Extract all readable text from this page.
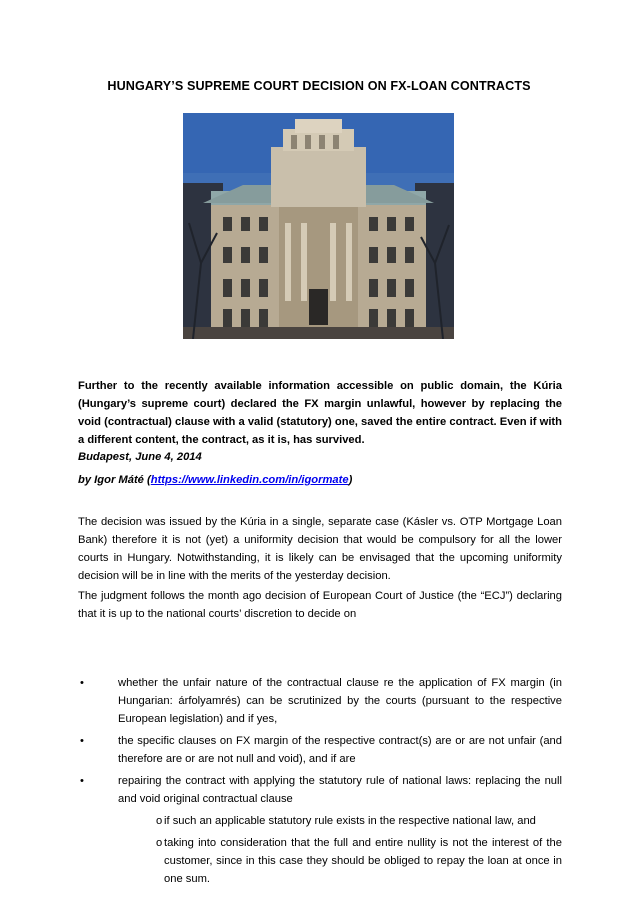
HUNGARY’S SUPREME COURT DECISION ON FX-LOAN CONTRACTS
Further to the recently available information accessible on public domain, the Kúria (Hungary’s supreme court) declared the FX margin unlawful, however by replacing the void (contractual) clause with a valid (statutory) one, saved the entire contract. Even if with a different content, the contract, as it is, has survived.
Budapest, June 4, 2014
by Igor Máté (https://www.linkedin.com/in/igormate)
The decision was issued by the Kúria in a single, separate case (Kásler vs. OTP Mortgage Loan Bank) therefore it is not (yet) a uniformity decision that would be compulsory for all the lower courts in Hungary. Notwithstanding, it is likely can be envisaged that the upcoming uniformity decision will be in line with the merits of the yesterday decision.
The judgment follows the month ago decision of European Court of Justice (the “ECJ”) declaring that it is up to the national courts’ discretion to decide on
•	whether the unfair nature of the contractual clause re the application of FX margin (in Hungarian: árfolyamrés) can be scrutinized by the courts (pursuant to the respective European legislation) and if yes,
•	the specific clauses on FX margin of the respective contract(s) are or are not unfair (and therefore are or are not null and void), and if are
•	repairing the contract with applying the statutory rule of national laws: replacing the null and void original contractual clause
o if such an applicable statutory rule exists in the respective national law, and
o taking into consideration that the full and entire nullity is not the interest of the customer, since in this case they should be obliged to repay the loan at once in one sum.
